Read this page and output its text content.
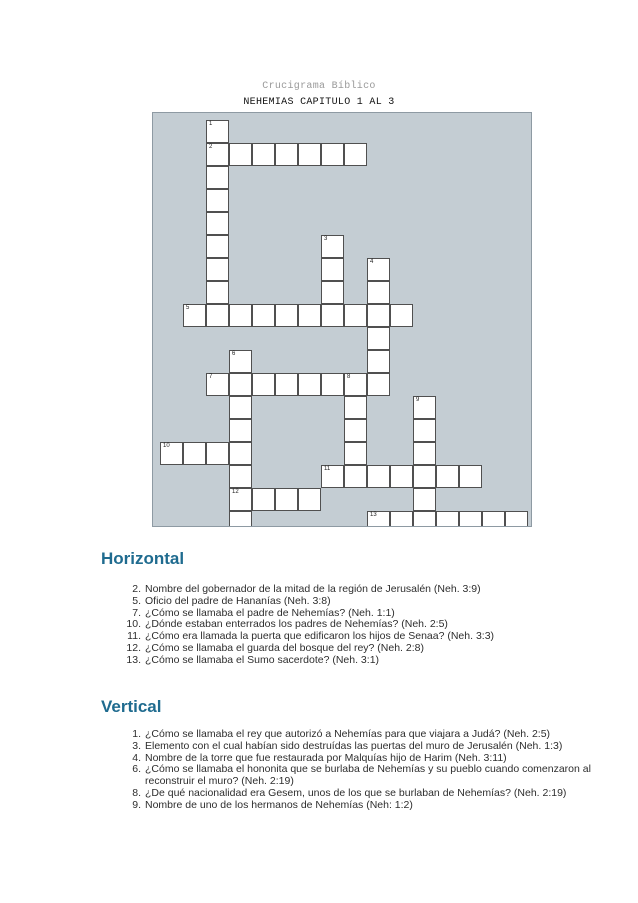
Crucigrama Bíblico
NEHEMIAS CAPITULO 1 AL 3
1
2
3
4
6
12
8
9
5
7
10
11
13
Horizontal
2. Nombre del gobernador de la mitad de la región de Jerusalén (Neh. 3:9)
5. Oficio del padre de Hananías (Neh. 3:8)
7. ¿Cómo se llamaba el padre de Nehemías? (Neh. 1:1)
10. ¿Dónde estaban enterrados los padres de Nehemías? (Neh. 2:5)
11. ¿Cómo era llamada la puerta que edificaron los hijos de Senaa? (Neh. 3:3)
12. ¿Cómo se llamaba el guarda del bosque del rey? (Neh. 2:8)
13. ¿Cómo se llamaba el Sumo sacerdote? (Neh. 3:1)
Vertical
1. ¿Cómo se llamaba el rey que autorizó a Nehemías para que viajara a Judá? (Neh. 2:5)
3. Elemento con el cual habían sido destruídas las puertas del muro de Jerusalén (Neh. 1:3)
4. Nombre de la torre que fue restaurada por Malquías hijo de Harim (Neh. 3:11)
6. ¿Cómo se llamaba el hononita que se burlaba de Nehemías y su pueblo cuando comenzaron al reconstruir el muro? (Neh. 2:19)
8. ¿De qué nacionalidad era Gesem, unos de los que se burlaban de Nehemías? (Neh. 2:19)
9. Nombre de uno de los hermanos de Nehemías (Neh: 1:2)
